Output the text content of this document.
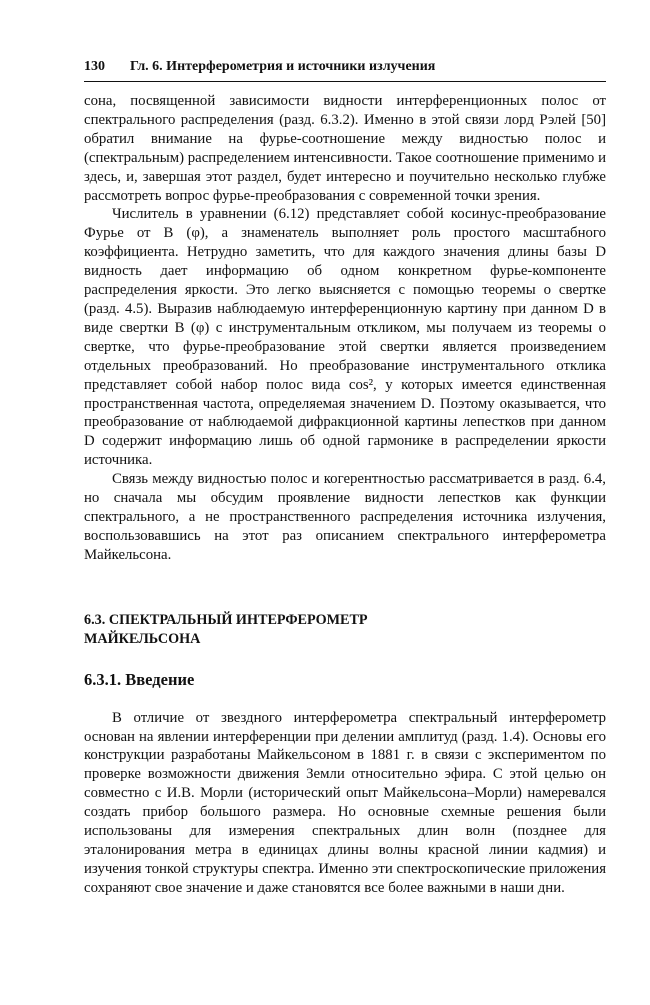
130 Гл. 6. Интерферометрия и источники излучения

сона, посвященной зависимости видности интерференционных полос от спектрального распределения (разд. 6.3.2). Именно в этой связи лорд Рэлей [50] обратил внимание на фурье-соотношение между видностью полос и (спектральным) распределением интенсивности. Такое соотношение применимо и здесь, и, завершая этот раздел, будет интересно и поучительно несколько глубже рассмотреть вопрос фурье-преобразования с современной точки зрения.

Числитель в уравнении (6.12) представляет собой косинус-преобразование Фурье от B (φ), а знаменатель выполняет роль простого масштабного коэффициента. Нетрудно заметить, что для каждого значения длины базы D видность дает информацию об одном конкретном фурье-компоненте распределения яркости. Это легко выясняется с помощью теоремы о свертке (разд. 4.5). Выразив наблюдаемую интерференционную картину при данном D в виде свертки B (φ) с инструментальным откликом, мы получаем из теоремы о свертке, что фурье-преобразование этой свертки является произведением отдельных преобразований. Но преобразование инструментального отклика представляет собой набор полос вида cos², у которых имеется единственная пространственная частота, определяемая значением D. Поэтому оказывается, что преобразование от наблюдаемой дифракционной картины лепестков при данном D содержит информацию лишь об одной гармонике в распределении яркости источника.

Связь между видностью полос и когерентностью рассматривается в разд. 6.4, но сначала мы обсудим проявление видности лепестков как функции спектрального, а не пространственного распределения источника излучения, воспользовавшись на этот раз описанием спектрального интерферометра Майкельсона.

6.3. СПЕКТРАЛЬНЫЙ ИНТЕРФЕРОМЕТР
МАЙКЕЛЬСОНА
6.3.1. Введение

В отличие от звездного интерферометра спектральный интерферометр основан на явлении интерференции при делении амплитуд (разд. 1.4). Основы его конструкции разработаны Майкельсоном в 1881 г. в связи с экспериментом по проверке возможности движения Земли относительно эфира. С этой целью он совместно с И.В. Морли (исторический опыт Майкельсона–Морли) намеревался создать прибор большого размера. Но основные схемные решения были использованы для измерения спектральных длин волн (позднее для эталонирования метра в единицах длины волны красной линии кадмия) и изучения тонкой структуры спектра. Именно эти спектроскопические приложения сохраняют свое значение и даже становятся все более важными в наши дни.
